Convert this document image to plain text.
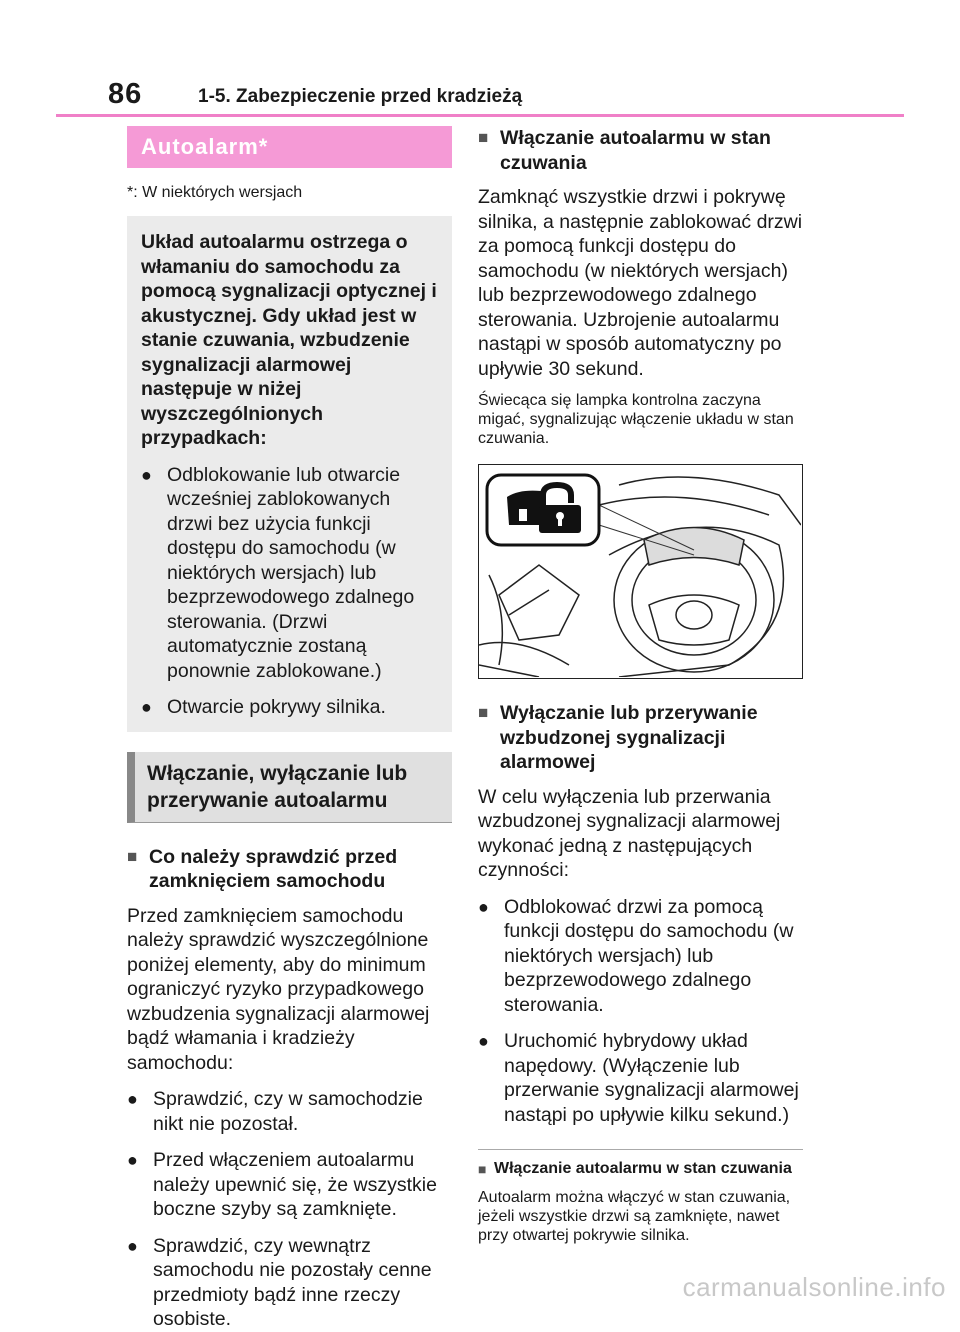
86	1-5. Zabezpieczenie przed kradzieżą
Autoalarm*
*: W niektórych wersjach

Układ autoalarmu ostrzega o włamaniu do samochodu za pomocą sygnalizacji optycznej i akustycznej. Gdy układ jest w stanie czuwania, wzbudzenie sygnalizacji alarmowej następuje w niżej wyszczególnionych przypadkach:

● Odblokowanie lub otwarcie wcześniej zablokowanych drzwi bez użycia funkcji dostępu do samochodu (w niektórych wersjach) lub bezprzewodowego zdalnego sterowania. (Drzwi automatycznie zostaną ponownie zablokowane.)
● Otwarcie pokrywy silnika.
Włączanie, wyłączanie lub przerywanie autoalarmu
■ Co należy sprawdzić przed zamknięciem samochodu
Przed zamknięciem samochodu należy sprawdzić wyszczególnione poniżej elementy, aby do minimum ograniczyć ryzyko przypadkowego wzbudzenia sygnalizacji alarmowej bądź włamania i kradzieży samochodu:
● Sprawdzić, czy w samochodzie nikt nie pozostał.
● Przed włączeniem autoalarmu należy upewnić się, że wszystkie boczne szyby są zamknięte.
● Sprawdzić, czy wewnątrz samochodu nie pozostały cenne przedmioty bądź inne rzeczy osobiste.
■ Włączanie autoalarmu w stan czuwania
Zamknąć wszystkie drzwi i pokrywę silnika, a następnie zablokować drzwi za pomocą funkcji dostępu do samochodu (w niektórych wersjach) lub bezprzewodowego zdalnego sterowania. Uzbrojenie autoalarmu nastąpi w sposób automatyczny po upływie 30 sekund.
Świecąca się lampka kontrolna zaczyna migać, sygnalizując włączenie układu w stan czuwania.
■ Wyłączanie lub przerywanie wzbudzonej sygnalizacji alarmowej
W celu wyłączenia lub przerwania wzbudzonej sygnalizacji alarmowej wykonać jedną z następujących czynności:
● Odblokować drzwi za pomocą funkcji dostępu do samochodu (w niektórych wersjach) lub bezprzewodowego zdalnego sterowania.
● Uruchomić hybrydowy układ napędowy. (Wyłączenie lub przerwanie sygnalizacji alarmowej nastąpi po upływie kilku sekund.)
■ Włączanie autoalarmu w stan czuwania
Autoalarm można włączyć w stan czuwania, jeżeli wszystkie drzwi są zamknięte, nawet przy otwartej pokrywie silnika.
carmanualsonline.info
